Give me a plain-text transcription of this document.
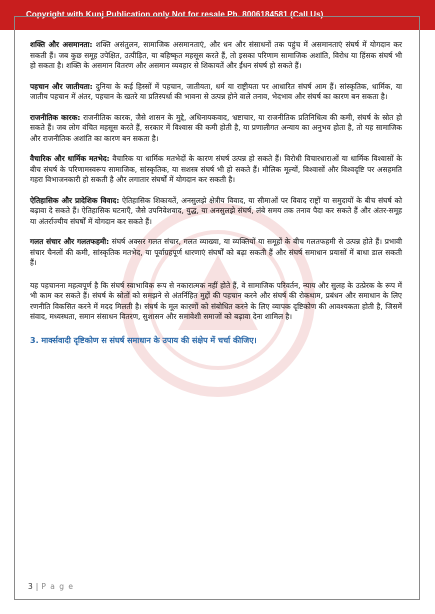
Copyright with Kunj Publication only Not for resale Ph. 8006184581 (Call Us)

शक्ति और असमानता: शक्ति असंतुलन, सामाजिक असमानताएं, और धन और संसाधनों तक पहुंच में असमानताएं संघर्ष में योगदान कर सकती हैं। जब कुछ समूह उपेक्षित, उत्पीड़ित, या बहिष्कृत महसूस करते हैं, तो इसका परिणाम सामाजिक अशांति, विरोध या हिंसक संघर्ष भी हो सकता है। शक्ति के असमान वितरण और असमान व्यवहार से शिकायतें और ईंधन संघर्ष हो सकते हैं।

पहचान और जातीयता: दुनिया के कई हिस्सों में पहचान, जातीयता, धर्म या राष्ट्रीयता पर आधारित संघर्ष आम हैं। सांस्कृतिक, धार्मिक, या जातीय पहचान में अंतर, पहचान के खतरे या प्रतिस्पर्धा की भावना से उत्पन्न होने वाले तनाव, भेदभाव और संघर्ष का कारण बन सकता है।

राजनीतिक कारक: राजनीतिक कारक, जैसे शासन के मुद्दे, अधिनायकवाद, भ्रष्टाचार, या राजनीतिक प्रतिनिधित्व की कमी, संघर्ष के स्रोत हो सकते हैं। जब लोग वंचित महसूस करते हैं, सरकार में विश्वास की कमी होती है, या प्रणालीगत अन्याय का अनुभव होता है, तो यह सामाजिक और राजनीतिक अशांति का कारण बन सकता है।

वैचारिक और धार्मिक मतभेद: वैचारिक या धार्मिक मतभेदों के कारण संघर्ष उत्पन्न हो सकते हैं। विरोधी विचारधाराओं या धार्मिक विश्वासों के बीच संघर्ष के परिणामस्वरूप सामाजिक, सांस्कृतिक, या सशस्त्र संघर्ष भी हो सकते हैं। मौलिक मूल्यों, विश्वासों और विश्वदृष्टि पर असहमति गहरा विभाजनकारी हो सकती है और लगातार संघर्षों में योगदान कर सकती है।

ऐतिहासिक और प्रादेशिक विवाद: ऐतिहासिक शिकायतें, अनसुलझे क्षेत्रीय विवाद, या सीमाओं पर विवाद राष्ट्रों या समुदायों के बीच संघर्ष को बढ़ावा दे सकते हैं। ऐतिहासिक घटनाएँ, जैसे उपनिवेशवाद, युद्ध, या अनसुलझे संघर्ष, लंबे समय तक तनाव पैदा कर सकते हैं और अंतर-समूह या अंतर्राज्यीय संघर्षों में योगदान कर सकते हैं।

गलत संचार और गलतफहमी: संघर्ष अक्सर गलत संचार, गलत व्याख्या, या व्यक्तियों या समूहों के बीच गलतफहमी से उत्पन्न होते हैं। प्रभावी संचार चैनलों की कमी, सांस्कृतिक मतभेद, या पूर्वाग्रहपूर्ण धारणाएं संघर्षों को बढ़ा सकती हैं और संघर्ष समाधान प्रयासों में बाधा डाल सकती हैं।

यह पहचानना महत्वपूर्ण है कि संघर्ष स्वाभाविक रूप से नकारात्मक नहीं होते हैं, वे सामाजिक परिवर्तन, न्याय और सुलह के उत्प्रेरक के रूप में भी काम कर सकते हैं। संघर्ष के स्रोतों को समझने से अंतर्निहित मुद्दों की पहचान करने और संघर्ष की रोकथाम, प्रबंधन और समाधान के लिए रणनीति विकसित करने में मदद मिलती है। संघर्ष के मूल कारणों को संबोधित करने के लिए व्यापक दृष्टिकोण की आवश्यकता होती है, जिसमें संवाद, मध्यस्थता, समान संसाधन वितरण, सुशासन और समावेशी समाजों को बढ़ावा देना शामिल है।

3. मार्क्सवादी दृष्टिकोण स संघर्ष समाधान के उपाय की संक्षेप में चर्चा कीजिए।
3 | P a g e
